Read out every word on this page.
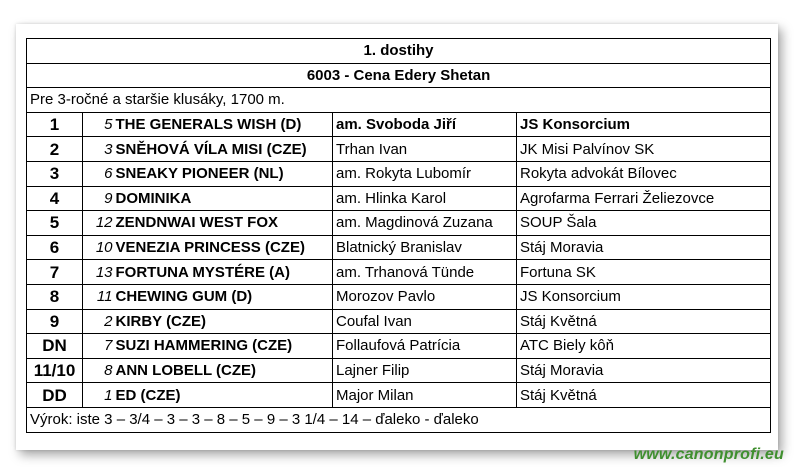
1. dostihy				
6003 - Cena Edery Shetan				
Pre 3-ročné a staršie klusáky, 1700 m.				
1	5	THE GENERALS WISH (D)	am. Svoboda Jiří	JS Konsorcium
2	3	SNĚHOVÁ VÍLA MISI (CZE)	Trhan Ivan	JK Misi Palvínov SK
3	6	SNEAKY PIONEER (NL)	am. Rokyta Lubomír	Rokyta advokát Bílovec
4	9	DOMINIKA	am. Hlinka Karol	Agrofarma Ferrari Želiezovce
5	12	ZENDNWAI WEST FOX	am. Magdinová Zuzana	SOUP Šala
6	10	VENEZIA PRINCESS (CZE)	Blatnický Branislav	Stáj Moravia
7	13	FORTUNA MYSTÉRE (A)	am. Trhanová Tünde	Fortuna SK
8	11	CHEWING GUM (D)	Morozov Pavlo	JS Konsorcium
9	2	KIRBY (CZE)	Coufal Ivan	Stáj Květná
DN	7	SUZI HAMMERING (CZE)	Follaufová Patrícia	ATC Biely kôň
11/10	8	ANN LOBELL (CZE)	Lajner Filip	Stáj Moravia
DD	1	ED (CZE)	Major Milan	Stáj Květná
Výrok: iste 3 – 3/4 – 3 – 3 – 8 – 5 – 9 – 3 1/4 – 14 – ďaleko - ďaleko				
www.canonprofi.eu
